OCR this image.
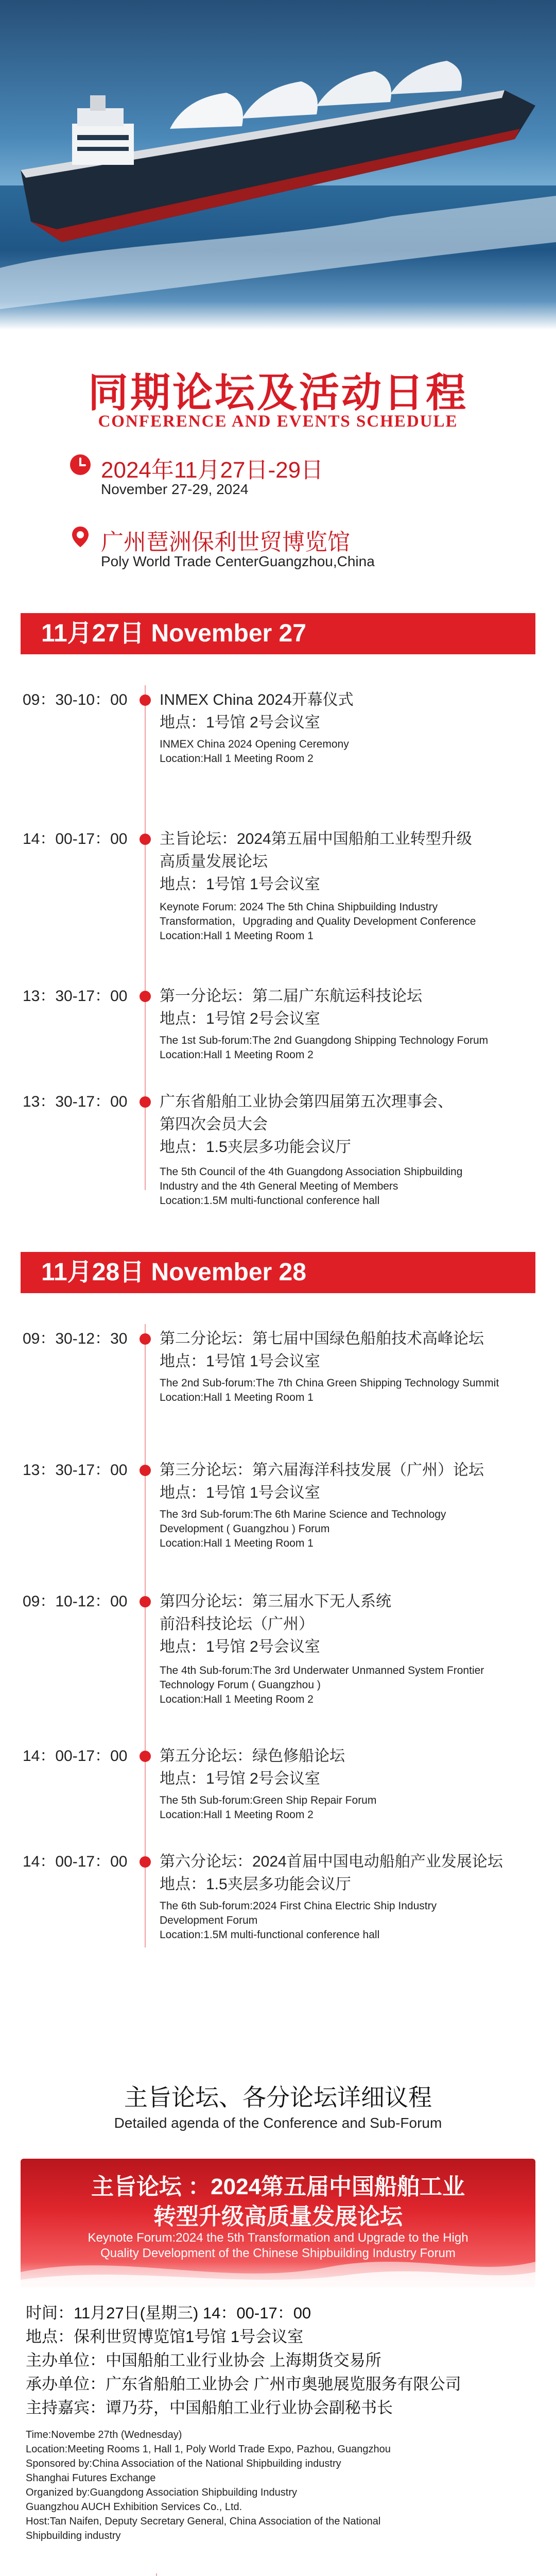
同期论坛及活动日程
CONFERENCE AND EVENTS SCHEDULE
2024年11月27日-29日
November 27-29, 2024
广州琶洲保利世贸博览馆
Poly World Trade CenterGuangzhou,China
11月27日 November 27
09：30-10：00 INMEX China 2024开幕仪式
地点：1号馆 2号会议室
INMEX China 2024 Opening Ceremony
Location:Hall 1 Meeting Room 2
14：00-17：00 主旨论坛：2024第五届中国船舶工业转型升级
高质量发展论坛
地点：1号馆 1号会议室
Keynote Forum: 2024 The 5th China Shipbuilding Industry
Transformation，Upgrading and Quality Development Conference
Location:Hall 1 Meeting Room 1
13：30-17：00 第一分论坛：第二届广东航运科技论坛
地点：1号馆 2号会议室
The 1st Sub-forum:The 2nd Guangdong Shipping Technology Forum
Location:Hall 1 Meeting Room 2
13：30-17：00 广东省船舶工业协会第四届第五次理事会、
第四次会员大会
地点：1.5夹层多功能会议厅
The 5th Council of the 4th Guangdong Association Shipbuilding
Industry and the 4th General Meeting of Members
Location:1.5M multi-functional conference hall
11月28日 November 28
09：30-12：30 第二分论坛：第七届中国绿色船舶技术高峰论坛
地点：1号馆 1号会议室
The 2nd Sub-forum:The 7th China Green Shipping Technology Summit
Location:Hall 1 Meeting Room 1
13：30-17：00 第三分论坛：第六届海洋科技发展（广州）论坛
地点：1号馆 1号会议室
The 3rd Sub-forum:The 6th Marine Science and Technology
Development ( Guangzhou ) Forum
Location:Hall 1 Meeting Room 1
09：10-12：00 第四分论坛：第三届水下无人系统
前沿科技论坛（广州）
地点：1号馆 2号会议室
The 4th Sub-forum:The 3rd Underwater Unmanned System Frontier
Technology Forum ( Guangzhou )
Location:Hall 1 Meeting Room 2
14：00-17：00 第五分论坛：绿色修船论坛
地点：1号馆 2号会议室
The 5th Sub-forum:Green Ship Repair Forum
Location:Hall 1 Meeting Room 2
14：00-17：00 第六分论坛：2024首届中国电动船舶产业发展论坛
地点：1.5夹层多功能会议厅
The 6th Sub-forum:2024 First China Electric Ship Industry
Development Forum
Location:1.5M multi-functional conference hall
主旨论坛、各分论坛详细议程
Detailed agenda of the Conference and Sub-Forum
主旨论坛 ：2024第五届中国船舶工业
转型升级高质量发展论坛
Keynote Forum:2024 the 5th Transformation and Upgrade to the High
Quality Development of the Chinese Shipbuilding Industry Forum
时间：11月27日(星期三) 14：00-17：00
地点：保利世贸博览馆1号馆 1号会议室
主办单位：中国船舶工业行业协会 上海期货交易所
承办单位：广东省船舶工业协会 广州市奥驰展览服务有限公司
主持嘉宾：谭乃芬，中国船舶工业行业协会副秘书长
Time:Novembe 27th (Wednesday)
Location:Meeting Rooms 1, Hall 1, Poly World Trade Expo, Pazhou, Guangzhou
Sponsored by:China Association of the National Shipbuilding industry
Shanghai Futures Exchange
Organized by:Guangdong Association Shipbuilding Industry
Guangzhou AUCH Exhibition Services Co., Ltd.
Host:Tan Naifen, Deputy Secretary General, China Association of the National
Shipbuilding industry
